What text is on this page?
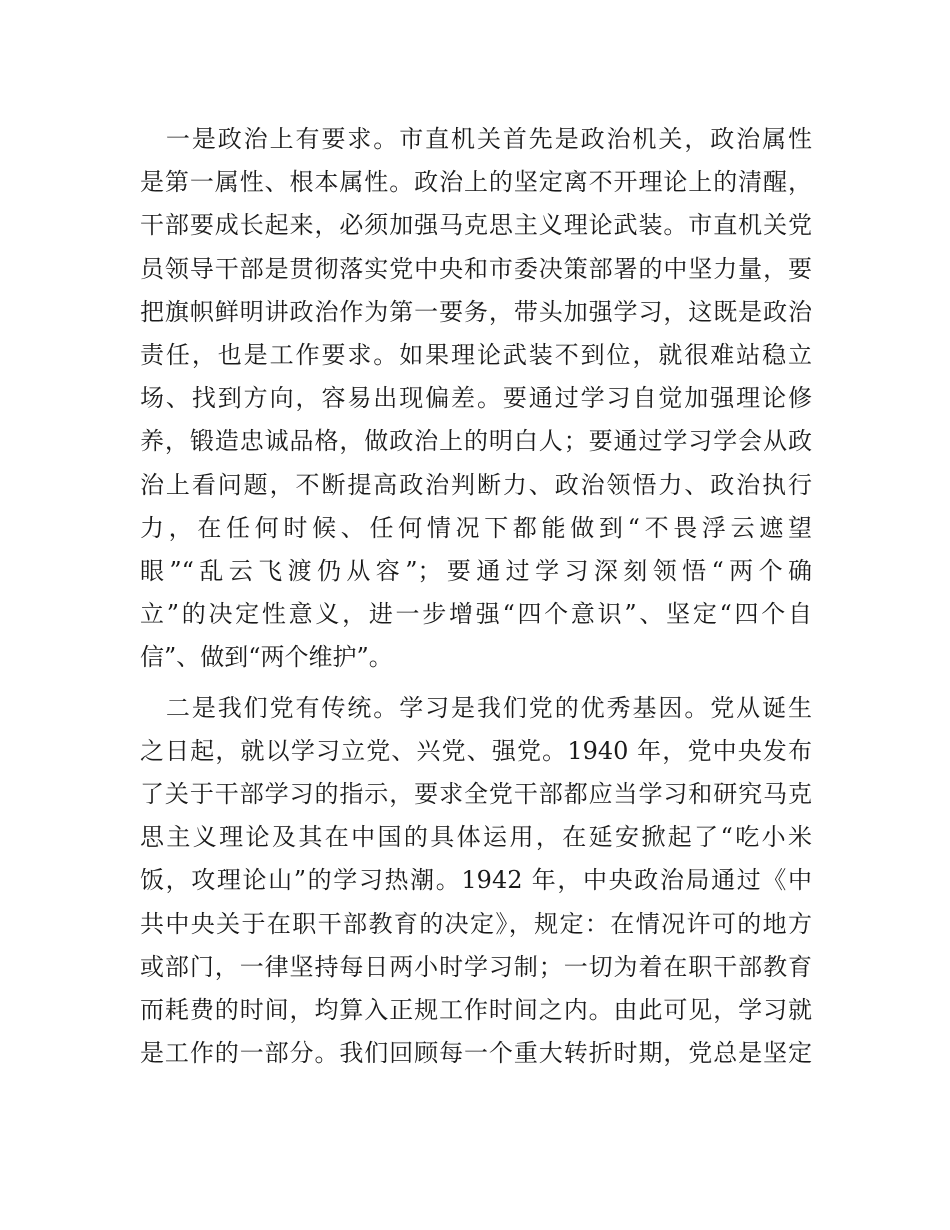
　一是政治上有要求。市直机关首先是政治机关，政治属性
是第一属性、根本属性。政治上的坚定离不开理论上的清醒，
干部要成长起来，必须加强马克思主义理论武装。市直机关党
员领导干部是贯彻落实党中央和市委决策部署的中坚力量，要
把旗帜鲜明讲政治作为第一要务，带头加强学习，这既是政治
责任，也是工作要求。如果理论武装不到位，就很难站稳立
场、找到方向，容易出现偏差。要通过学习自觉加强理论修
养，锻造忠诚品格，做政治上的明白人；要通过学习学会从政
治上看问题，不断提高政治判断力、政治领悟力、政治执行
力，在任何时候、任何情况下都能做到“不畏浮云遮望
眼”“乱云飞渡仍从容”；要通过学习深刻领悟“两个确
立”的决定性意义，进一步增强“四个意识”、坚定“四个自
信”、做到“两个维护”。

　二是我们党有传统。学习是我们党的优秀基因。党从诞生
之日起，就以学习立党、兴党、强党。1940 年，党中央发布
了关于干部学习的指示，要求全党干部都应当学习和研究马克
思主义理论及其在中国的具体运用，在延安掀起了“吃小米
饭，攻理论山”的学习热潮。1942 年，中央政治局通过《中
共中央关于在职干部教育的决定》，规定：在情况许可的地方
或部门，一律坚持每日两小时学习制；一切为着在职干部教育
而耗费的时间，均算入正规工作时间之内。由此可见，学习就
是工作的一部分。我们回顾每一个重大转折时期，党总是坚定
